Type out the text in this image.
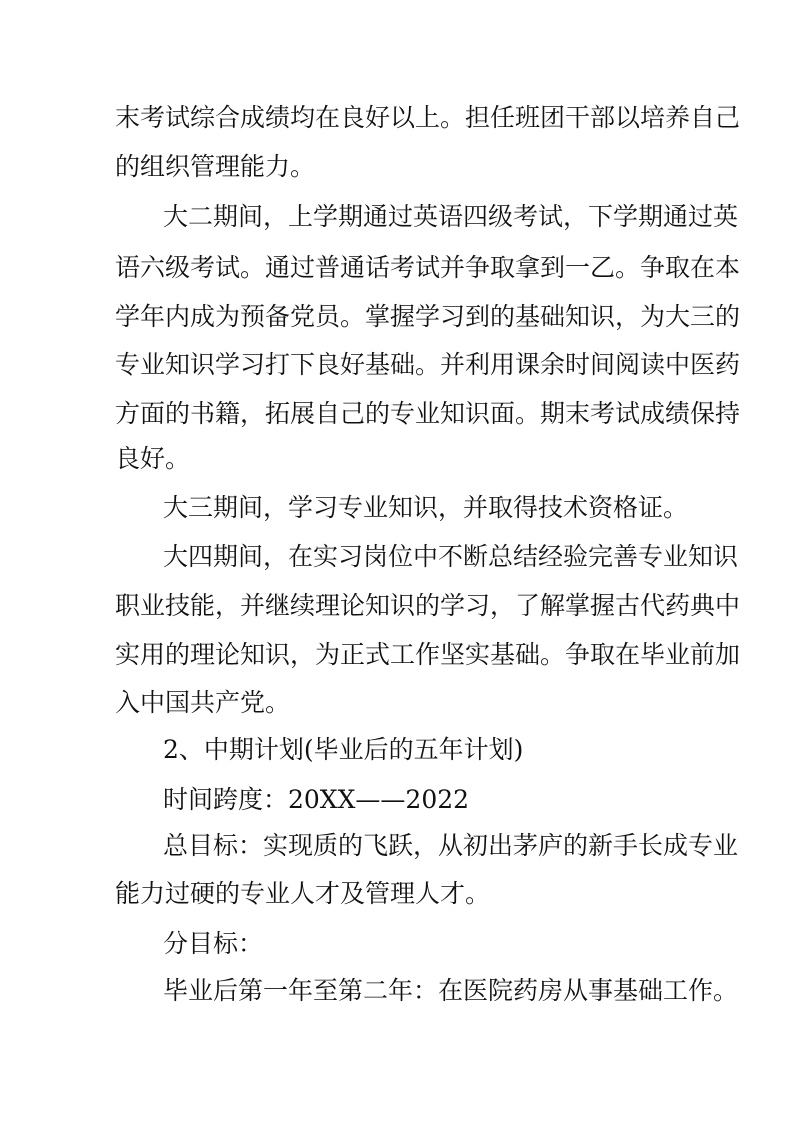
末考试综合成绩均在良好以上。担任班团干部以培养自己
的组织管理能力。
大二期间，上学期通过英语四级考试，下学期通过英
语六级考试。通过普通话考试并争取拿到一乙。争取在本
学年内成为预备党员。掌握学习到的基础知识，为大三的
专业知识学习打下良好基础。并利用课余时间阅读中医药
方面的书籍，拓展自己的专业知识面。期末考试成绩保持
良好。
大三期间，学习专业知识，并取得技术资格证。
大四期间，在实习岗位中不断总结经验完善专业知识
职业技能，并继续理论知识的学习，了解掌握古代药典中
实用的理论知识，为正式工作坚实基础。争取在毕业前加
入中国共产党。
2、中期计划(毕业后的五年计划)
时间跨度：20XX——2022
总目标：实现质的飞跃，从初出茅庐的新手长成专业
能力过硬的专业人才及管理人才。
分目标：
毕业后第一年至第二年：在医院药房从事基础工作。
